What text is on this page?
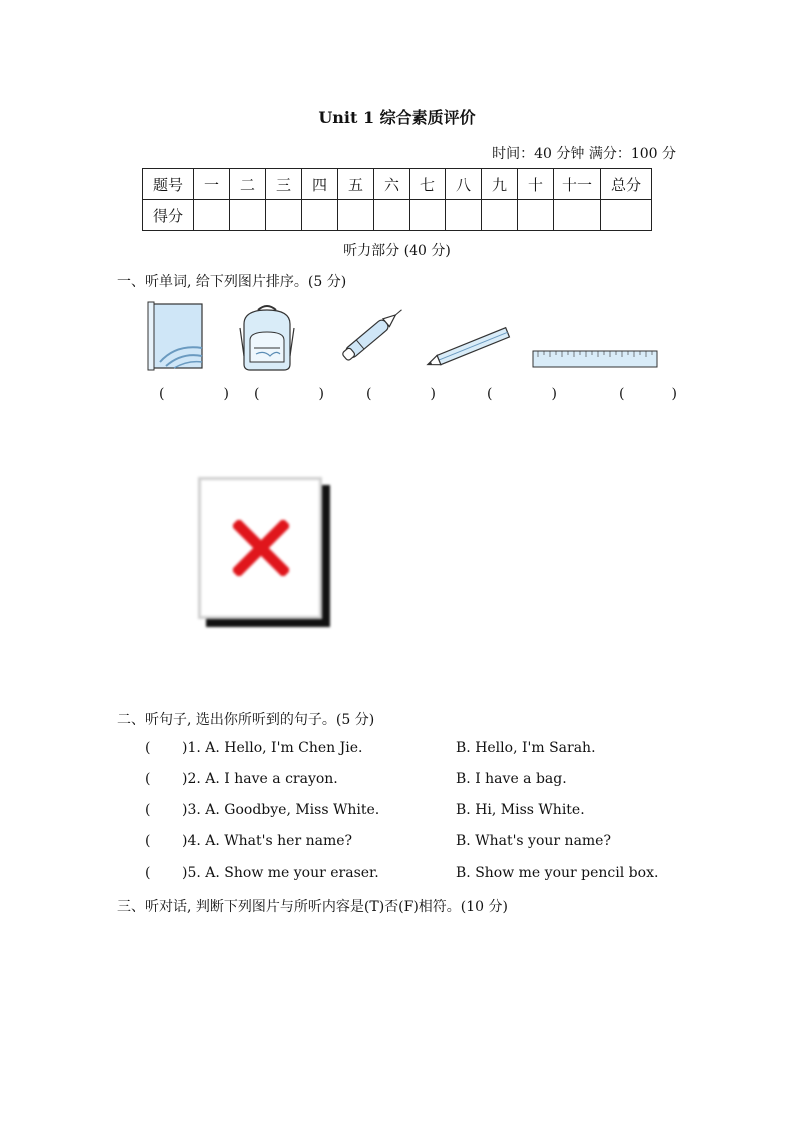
Unit 1 综合素质评价
时间：40 分钟 满分：100 分
题号	一	二	三	四	五	六	七	八	九	十	十一	总分
得分												
听力部分 (40 分)
一、听单词, 给下列图片排序。(5 分)
(	) (	)	(	)	(	)	(	)
二、听句子, 选出你所听到的句子。(5 分)
( )1. A. Hello, I'm Chen Jie.	B. Hello, I'm Sarah.
( )2. A. I have a crayon.	B. I have a bag.
( )3. A. Goodbye, Miss White.	B. Hi, Miss White.
( )4. A. What's her name?	B. What's your name?
( )5. A. Show me your eraser.	B. Show me your pencil box.
三、听对话, 判断下列图片与所听内容是(T)否(F)相符。(10 分)
